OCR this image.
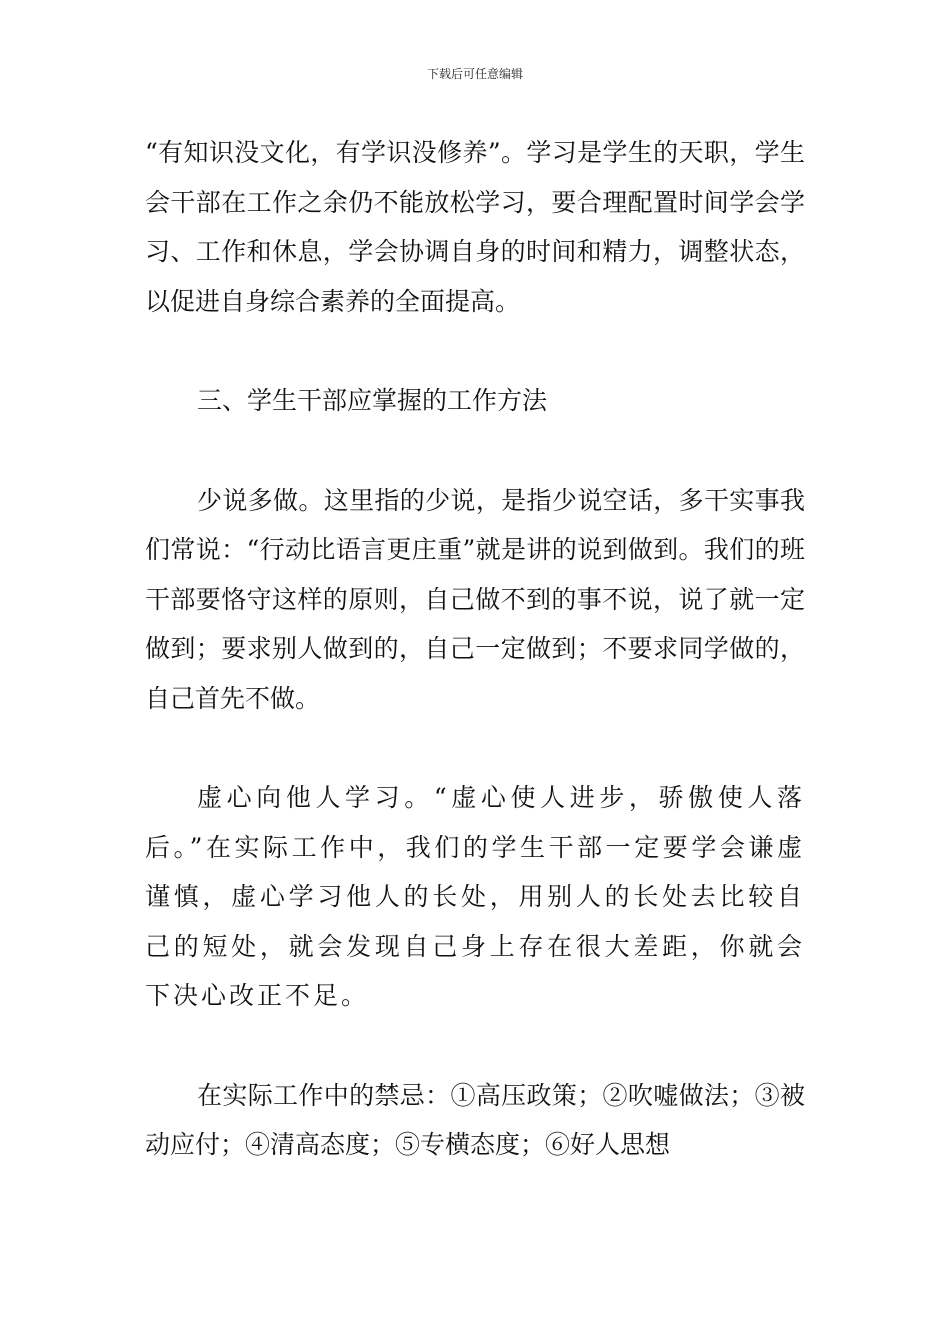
下载后可任意编辑

“有知识没文化，有学识没修养”。学习是学生的天职，学生会干部在工作之余仍不能放松学习，要合理配置时间学会学习、工作和休息，学会协调自身的时间和精力，调整状态，以促进自身综合素养的全面提高。

三、学生干部应掌握的工作方法

少说多做。这里指的少说，是指少说空话，多干实事我们常说：“行动比语言更庄重”就是讲的说到做到。我们的班干部要恪守这样的原则，自己做不到的事不说，说了就一定做到；要求别人做到的，自己一定做到；不要求同学做的，自己首先不做。

虚心向他人学习。“虚心使人进步，骄傲使人落后。”在实际工作中，我们的学生干部一定要学会谦虚谨慎，虚心学习他人的长处，用别人的长处去比较自己的短处，就会发现自己身上存在很大差距，你就会下决心改正不足。

在实际工作中的禁忌：①高压政策；②吹嘘做法；③被动应付；④清高态度；⑤专横态度；⑥好人思想
